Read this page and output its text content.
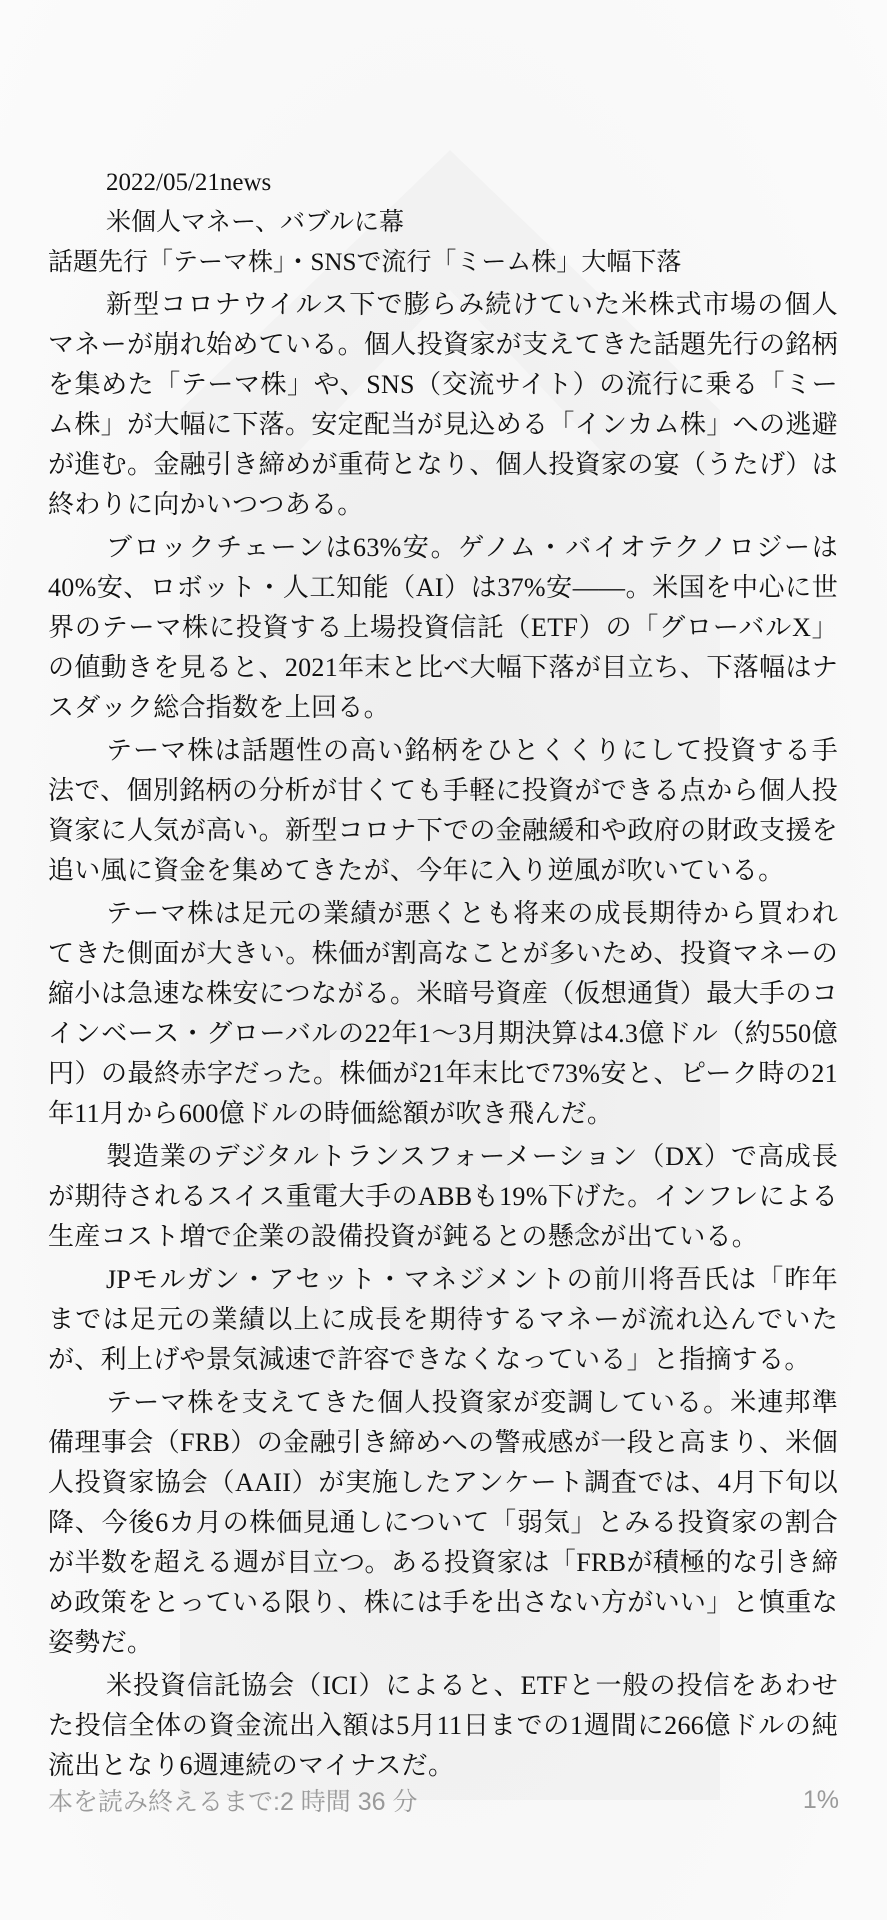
2022/05/21news
米個人マネー、バブルに幕
話題先行「テーマ株」・SNSで流行「ミーム株」大幅下落

新型コロナウイルス下で膨らみ続けていた米株式市場の個人マネーが崩れ始めている。個人投資家が支えてきた話題先行の銘柄を集めた「テーマ株」や、SNS（交流サイト）の流行に乗る「ミーム株」が大幅に下落。安定配当が見込める「インカム株」への逃避が進む。金融引き締めが重荷となり、個人投資家の宴（うたげ）は終わりに向かいつつある。

ブロックチェーンは63%安。ゲノム・バイオテクノロジーは40%安、ロボット・人工知能（AI）は37%安――。米国を中心に世界のテーマ株に投資する上場投資信託（ETF）の「グローバルX」の値動きを見ると、2021年末と比べ大幅下落が目立ち、下落幅はナスダック総合指数を上回る。

テーマ株は話題性の高い銘柄をひとくくりにして投資する手法で、個別銘柄の分析が甘くても手軽に投資ができる点から個人投資家に人気が高い。新型コロナ下での金融緩和や政府の財政支援を追い風に資金を集めてきたが、今年に入り逆風が吹いている。

テーマ株は足元の業績が悪くとも将来の成長期待から買われてきた側面が大きい。株価が割高なことが多いため、投資マネーの縮小は急速な株安につながる。米暗号資産（仮想通貨）最大手のコインベース・グローバルの22年1～3月期決算は4.3億ドル（約550億円）の最終赤字だった。株価が21年末比で73%安と、ピーク時の21年11月から600億ドルの時価総額が吹き飛んだ。

製造業のデジタルトランスフォーメーション（DX）で高成長が期待されるスイス重電大手のABBも19%下げた。インフレによる生産コスト増で企業の設備投資が鈍るとの懸念が出ている。

JPモルガン・アセット・マネジメントの前川将吾氏は「昨年までは足元の業績以上に成長を期待するマネーが流れ込んでいたが、利上げや景気減速で許容できなくなっている」と指摘する。

テーマ株を支えてきた個人投資家が変調している。米連邦準備理事会（FRB）の金融引き締めへの警戒感が一段と高まり、米個人投資家協会（AAII）が実施したアンケート調査では、4月下旬以降、今後6カ月の株価見通しについて「弱気」とみる投資家の割合が半数を超える週が目立つ。ある投資家は「FRBが積極的な引き締め政策をとっている限り、株には手を出さない方がいい」と慎重な姿勢だ。

米投資信託協会（ICI）によると、ETFと一般の投信をあわせた投信全体の資金流出入額は5月11日までの1週間に266億ドルの純流出となり6週連続のマイナスだ。

本を読み終えるまで:2 時間 36 分	1%
